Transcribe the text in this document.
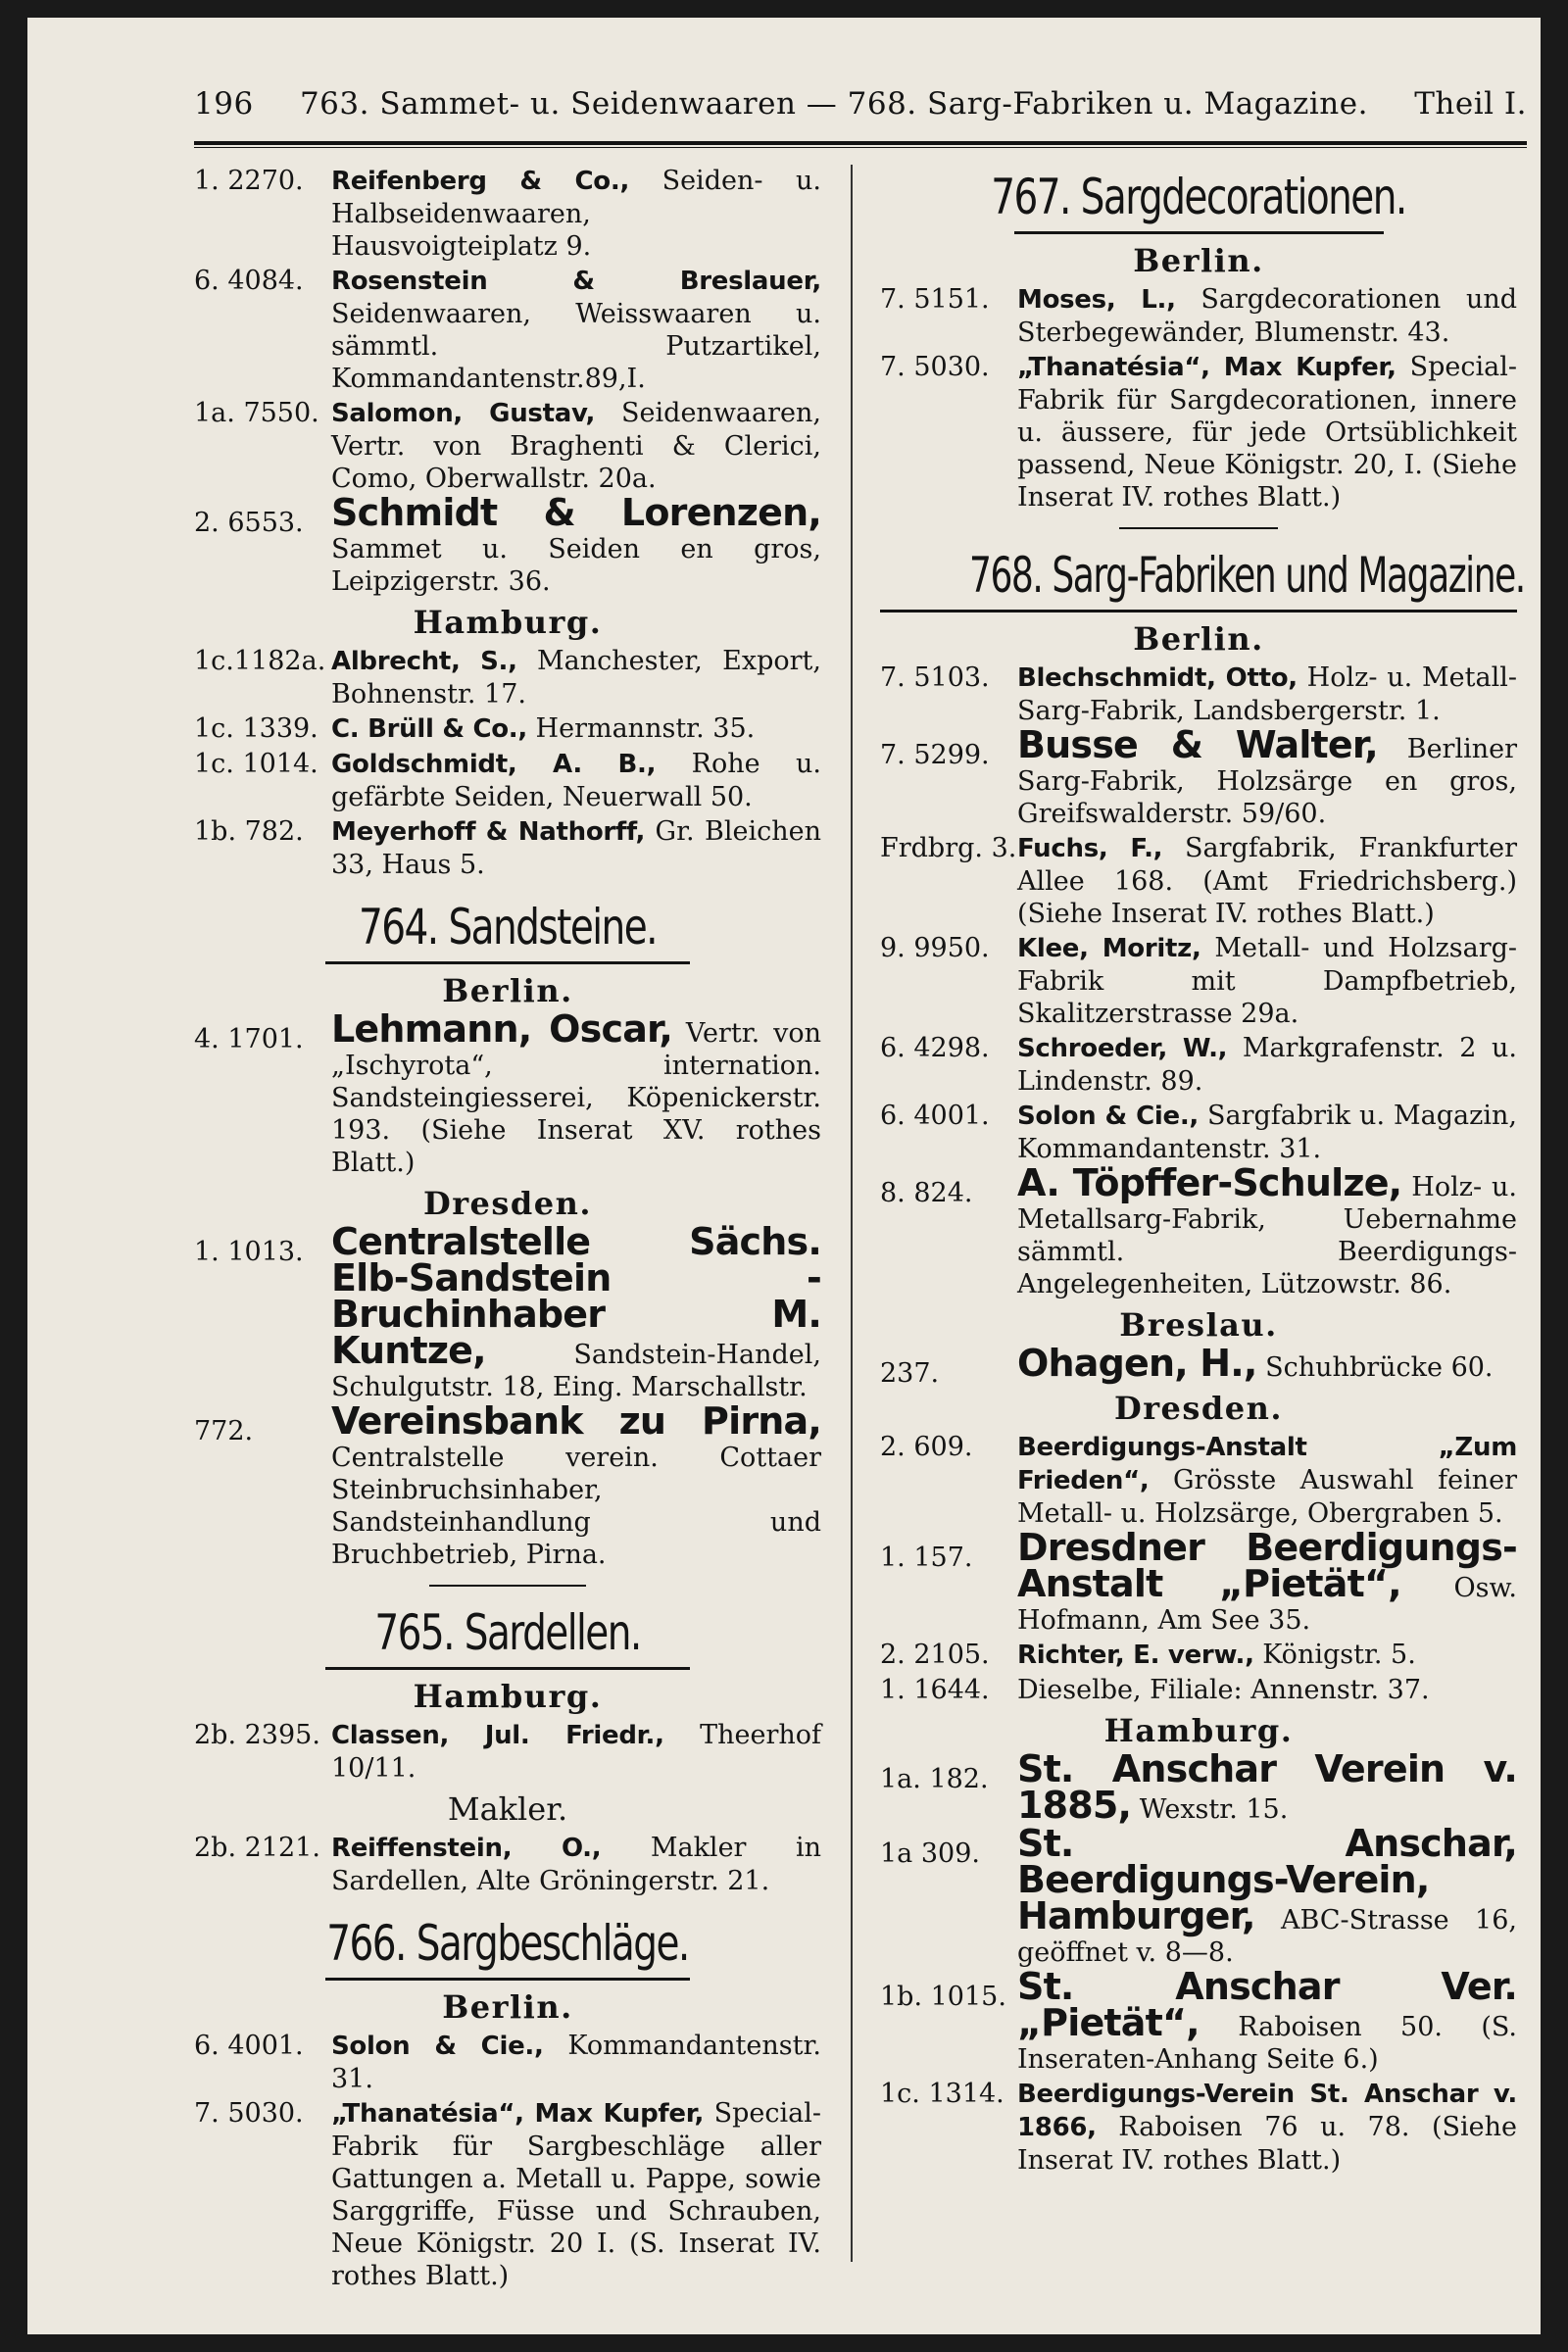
196 763. Sammet- u. Seidenwaaren — 768. Sarg-Fabriken u. Magazine. Theil I.
1. 2270.	Reifenberg & Co., Seiden- u. Halbseidenwaaren, Hausvoigteiplatz 9.
6. 4084.	Rosenstein & Breslauer, Seidenwaaren, Weisswaaren u. sämmtl. Putzartikel, Kommandantenstr.89,I.
1a. 7550. Salomon, Gustav, Seidenwaaren, Vertr. von Braghenti & Clerici, Como, Oberwallstr. 20a.
2. 6553. Schmidt & Lorenzen, Sammet u. Seiden en gros, Leipzigerstr. 36.
Hamburg.
1c.1182a. Albrecht, S., Manchester, Export, Bohnenstr. 17.
1c. 1339. C. Brüll & Co., Hermannstr. 35.
1c. 1014. Goldschmidt, A. B., Rohe u. gefärbte Seiden, Neuerwall 50.
1b. 782.	Meyerhoff & Nathorff, Gr. Bleichen 33, Haus 5.
764. Sandsteine.
Berlin.
4. 1701. Lehmann, Oscar, Vertr. von „Ischyrota“, internation. Sandsteingiesserei, Köpenickerstr. 193. (Siehe Inserat XV. rothes Blatt.)
Dresden.
1. 1013. Centralstelle Sächs. Elb-Sandstein - Bruchinhaber M. Kuntze, Sandstein-Handel, Schulgutstr. 18, Eing. Marschallstr.
772.	Vereinsbank zu Pirna, Centralstelle verein. Cottaer Steinbruchsinhaber, Sandsteinhandlung und Bruchbetrieb, Pirna.
765. Sardellen.
Hamburg.
2b. 2395. Classen, Jul. Friedr., Theerhof 10/11.
Makler.
2b. 2121. Reiffenstein, O., Makler in Sardellen, Alte Gröningerstr. 21.
766. Sargbeschläge.
Berlin.
6. 4001.	Solon & Cie., Kommandantenstr. 31.
7. 5030.	„Thanatésia“, Max Kupfer, Special-Fabrik für Sargbeschläge aller Gattungen a. Metall u. Pappe, sowie Sarggriffe, Füsse und Schrauben, Neue Königstr. 20 I. (S. Inserat IV. rothes Blatt.)
767. Sargdecorationen.
Berlin.
7. 5151.	Moses, L., Sargdecorationen und Sterbegewänder, Blumenstr. 43.
7. 5030.	„Thanatésia“, Max Kupfer, Special-Fabrik für Sargdecorationen, innere u. äussere, für jede Ortsüblichkeit passend, Neue Königstr. 20, I. (Siehe Inserat IV. rothes Blatt.)
768. Sarg-Fabriken und Magazine.
Berlin.
7. 5103.	Blechschmidt, Otto, Holz- u. Metall-Sarg-Fabrik, Landsbergerstr. 1.
7. 5299. Busse & Walter, Berliner Sarg-Fabrik, Holzsärge en gros, Greifswalderstr. 59/60.
Frdbrg. 3. Fuchs, F., Sargfabrik, Frankfurter Allee 168. (Amt Friedrichsberg.) (Siehe Inserat IV. rothes Blatt.)
9. 9950.	Klee, Moritz, Metall- und Holzsarg-Fabrik mit Dampfbetrieb, Skalitzerstrasse 29a.
6. 4298.	Schroeder, W., Markgrafenstr. 2 u. Lindenstr. 89.
6. 4001.	Solon & Cie., Sargfabrik u. Magazin, Kommandantenstr. 31.
8. 824.	A. Töpffer-Schulze, Holz- u. Metallsarg-Fabrik, Uebernahme sämmtl. Beerdigungs-Angelegenheiten, Lützowstr. 86.
Breslau.
237.	Ohagen, H., Schuhbrücke 60.
Dresden.
2. 609.	Beerdigungs-Anstalt „Zum Frieden“, Grösste Auswahl feiner Metall- u. Holzsärge, Obergraben 5.
1. 157.	Dresdner Beerdigungs-Anstalt „Pietät“, Osw. Hofmann, Am See 35.
2. 2105.	Richter, E. verw., Königstr. 5.
1. 1644.	Dieselbe, Filiale: Annenstr. 37.
Hamburg.
1a. 182. St. Anschar Verein v. 1885, Wexstr. 15.
1a 309.	St. Anschar, Beerdigungs-Verein, Hamburger, ABC-Strasse 16, geöffnet v. 8—8.
1b. 1015. St. Anschar Ver. „Pietät“, Raboisen 50. (S. Inseraten-Anhang Seite 6.)
1c. 1314. Beerdigungs-Verein St. Anschar v. 1866, Raboisen 76 u. 78. (Siehe Inserat IV. rothes Blatt.)
